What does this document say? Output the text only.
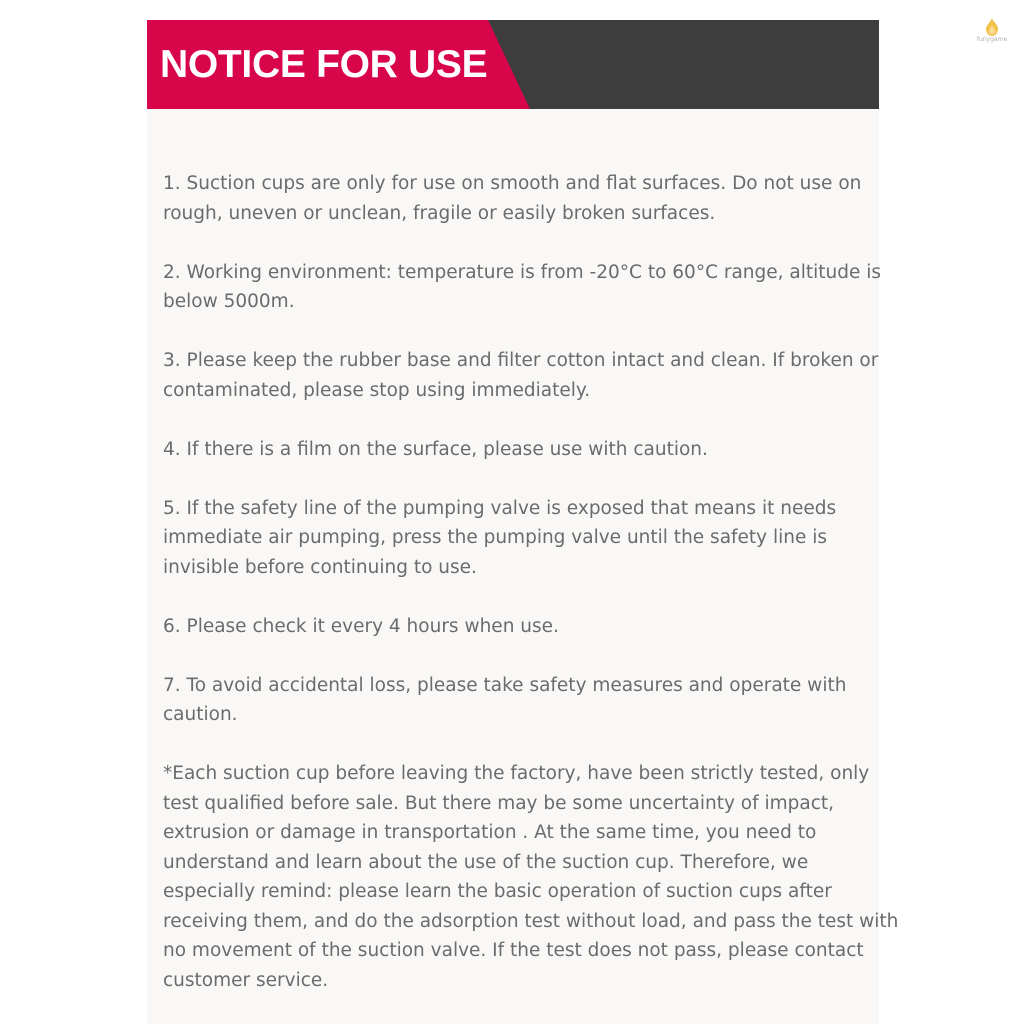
NOTICE FOR USE

1. Suction cups are only for use on smooth and flat surfaces. Do not use on rough, uneven or unclean, fragile or easily broken surfaces.

2. Working environment: temperature is from -20°C to 60°C range, altitude is below 5000m.

3. Please keep the rubber base and filter cotton intact and clean. If broken or contaminated, please stop using immediately.

4. If there is a film on the surface, please use with caution.

5. If the safety line of the pumping valve is exposed that means it needs immediate air pumping, press the pumping valve until the safety line is invisible before continuing to use.

6. Please check it every 4 hours when use.

7. To avoid accidental loss, please take safety measures and operate with caution.

*Each suction cup before leaving the factory, have been strictly tested, only test qualified before sale. But there may be some uncertainty of impact, extrusion or damage in transportation . At the same time, you need to understand and learn about the use of the suction cup. Therefore, we especially remind: please learn the basic operation of suction cups after receiving them, and do the adsorption test without load, and pass the test with no movement of the suction valve. If the test does not pass, please contact customer service.

funygame
